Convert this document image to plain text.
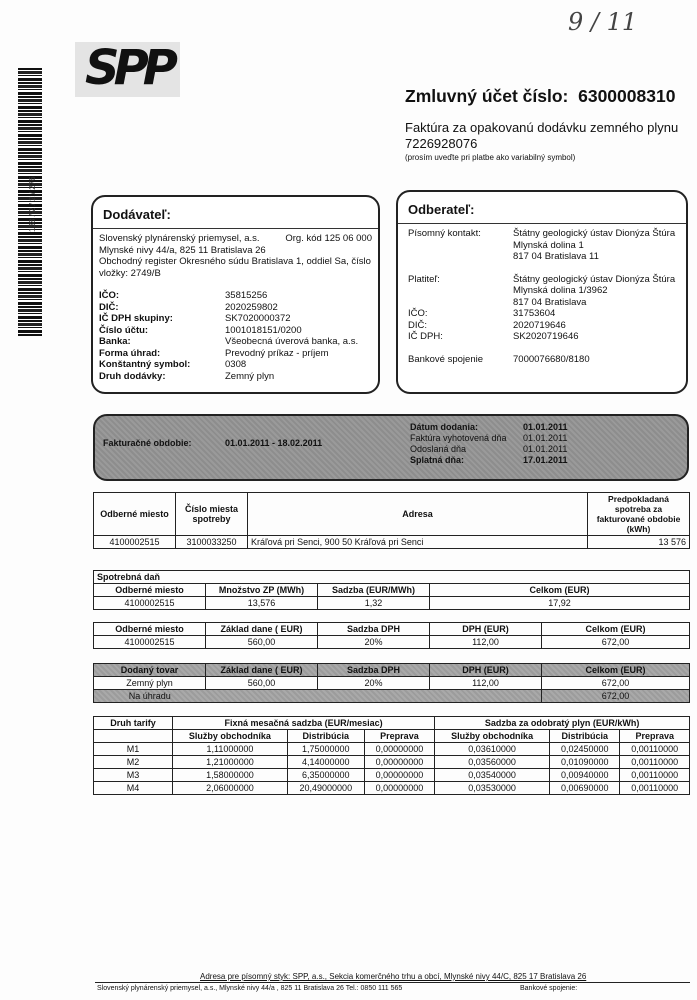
138 / 2 / 2 / 276
SPP
9 / 11
Zmluvný účet číslo: 6300008310
Faktúra za opakovanú dodávku zemného plynu
7226928076
(prosím uveďte pri platbe ako variabilný symbol)
Dodávateľ:
Slovenský plynárenský priemysel, a.s.	Org. kód 125 06 000
Mlynské nivy 44/a, 825 11 Bratislava 26
Obchodný register Okresného súdu Bratislava 1, oddiel Sa, číslo
vložky: 2749/B
IČO:	35815256
DIČ:	2020259802
IČ DPH skupiny:	SK7020000372
Číslo účtu:	1001018151/0200
Banka:	Všeobecná úverová banka, a.s.
Forma úhrad:	Prevodný príkaz - príjem
Konštantný symbol:	0308
Druh dodávky:	Zemný plyn
Odberateľ:
Písomný kontakt:	Štátny geologický ústav Dionýza Štúra
Mlynská dolina 1
817 04 Bratislava 11
Platiteľ:	Štátny geologický ústav Dionýza Štúra
Mlynská dolina 1/3962
817 04 Bratislava
IČO:	31753604
DIČ:	2020719646
IČ DPH:	SK2020719646
Bankové spojenie	7000076680/8180
Fakturačné obdobie:	01.01.2011 - 18.02.2011
Dátum dodania:	01.01.2011
Faktúra vyhotovená dňa 01.01.2011
Odoslaná dňa	01.01.2011
Splatná dňa:	17.01.2011
Odberné miesto	Číslo miesta spotreby	Adresa	Predpokladaná spotreba za fakturované obdobie (kWh)
4100002515	3100033250	Kráľová pri Senci, 900 50 Kráľová pri Senci	13 576
Spotrebná daň			
Odberné miesto	Množstvo ZP (MWh)	Sadzba (EUR/MWh)	Celkom (EUR)
4100002515	13,576	1,32	17,92
Odberné miesto	Základ dane ( EUR)	Sadzba DPH	DPH (EUR)	Celkom (EUR)
4100002515	560,00	20%	112,00	672,00
Dodaný tovar	Základ dane ( EUR)	Sadzba DPH	DPH (EUR)	Celkom (EUR)
Zemný plyn	560,00	20%	112,00	672,00
Na úhradu				672,00
Druh tarify	Fixná mesačná sadzba (EUR/mesiac)			Sadzba za odobratý plyn (EUR/kWh)		
	Služby obchodníka	Distribúcia	Preprava	Služby obchodníka	Distribúcia	Preprava
M1	1,11000000	1,75000000	0,00000000	0,03610000	0,02450000	0,00110000
M2	1,21000000	4,14000000	0,00000000	0,03560000	0,01090000	0,00110000
M3	1,58000000	6,35000000	0,00000000	0,03540000	0,00940000	0,00110000
M4	2,06000000	20,49000000	0,00000000	0,03530000	0,00690000	0,00110000
Adresa pre písomný styk: SPP, a.s., Sekcia komerčného trhu a obcí, Mlynské nivy 44/C, 825 17 Bratislava 26
Slovenský plynárenský priemysel, a.s., Mlynské nivy 44/a , 825 11 Bratislava 26 Tel.: 0850 111 565	Bankové spojenie:
